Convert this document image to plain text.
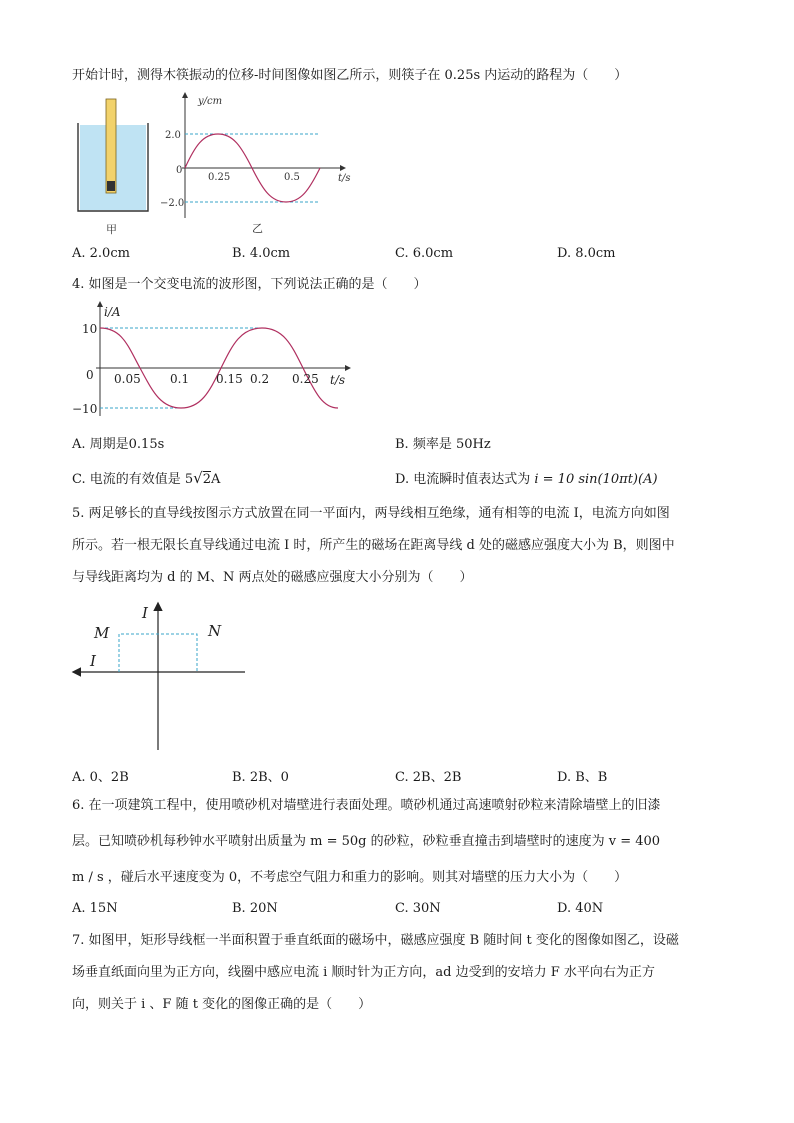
开始计时，测得木筷振动的位移-时间图像如图乙所示，则筷子在 0.25s 内运动的路程为（　　）
甲
y/cm
t/s
0
2.0
−2.0
0.25	0.5
乙
A. 2.0cm	B. 4.0cm	C. 6.0cm	D. 8.0cm
4. 如图是一个交变电流的波形图，下列说法正确的是（　　）
i/A
t/s
0
10
−10
0.05 0.1 0.15 0.2 0.25
A. 周期是0.15s	B. 频率是 50Hz
C. 电流的有效值是 5√2A	D. 电流瞬时值表达式为 i = 10 sin(10πt)(A)
5. 两足够长的直导线按图示方式放置在同一平面内，两导线相互绝缘，通有相等的电流 I，电流方向如图
所示。若一根无限长直导线通过电流 I 时，所产生的磁场在距离导线 d 处的磁感应强度大小为 B，则图中
与导线距离均为 d 的 M、N 两点处的磁感应强度大小分别为（　　）
I
I
M	N
A. 0、2B	B. 2B、0	C. 2B、2B	D. B、B
6. 在一项建筑工程中，使用喷砂机对墙壁进行表面处理。喷砂机通过高速喷射砂粒来清除墙壁上的旧漆
层。已知喷砂机每秒钟水平喷射出质量为 m = 50g 的砂粒，砂粒垂直撞击到墙壁时的速度为 v = 400
m / s ，碰后水平速度变为 0，不考虑空气阻力和重力的影响。则其对墙壁的压力大小为（　　）
A. 15N	B. 20N	C. 30N	D. 40N
7. 如图甲，矩形导线框一半面积置于垂直纸面的磁场中，磁感应强度 B 随时间 t 变化的图像如图乙，设磁
场垂直纸面向里为正方向，线圈中感应电流 i 顺时针为正方向，ad 边受到的安培力 F 水平向右为正方
向，则关于 i 、F 随 t 变化的图像正确的是（　　）
